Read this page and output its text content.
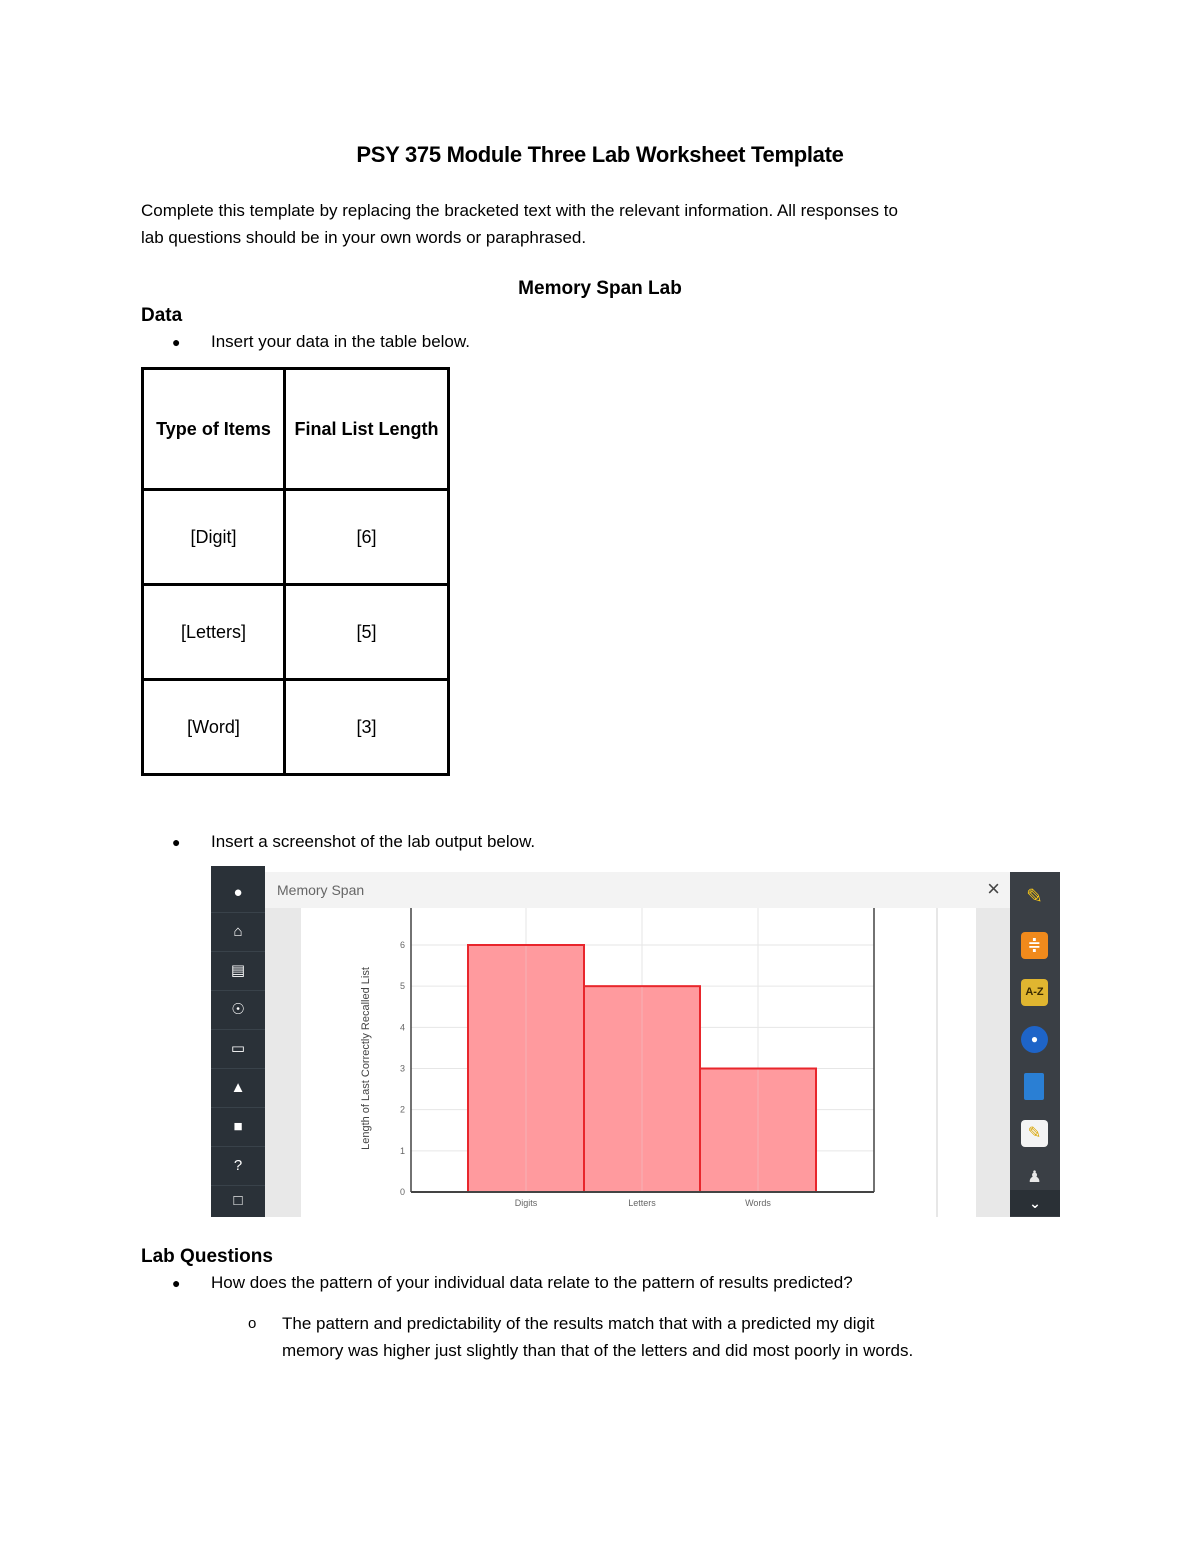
PSY 375 Module Three Lab Worksheet Template
Complete this template by replacing the bracketed text with the relevant information. All responses to
lab questions should be in your own words or paraphrased.
Memory Span Lab
Data
● Insert your data in the table below.
Type of Items	Final List Length
[Digit]	[6]
[Letters]	[5]
[Word]	[3]
● Insert a screenshot of the lab output below.
●
⌂
▤
☉
▭
▲
■
?
□
Memory Span	×
0
1
2
3
4
5
6
Digits	Letters	Words
Length of Last Correctly Recalled List
✎
≑
A-Z
●
✎
♟
⌄
Lab Questions
● How does the pattern of your individual data relate to the pattern of results predicted?
o The pattern and predictability of the results match that with a predicted my digit
memory was higher just slightly than that of the letters and did most poorly in words.
